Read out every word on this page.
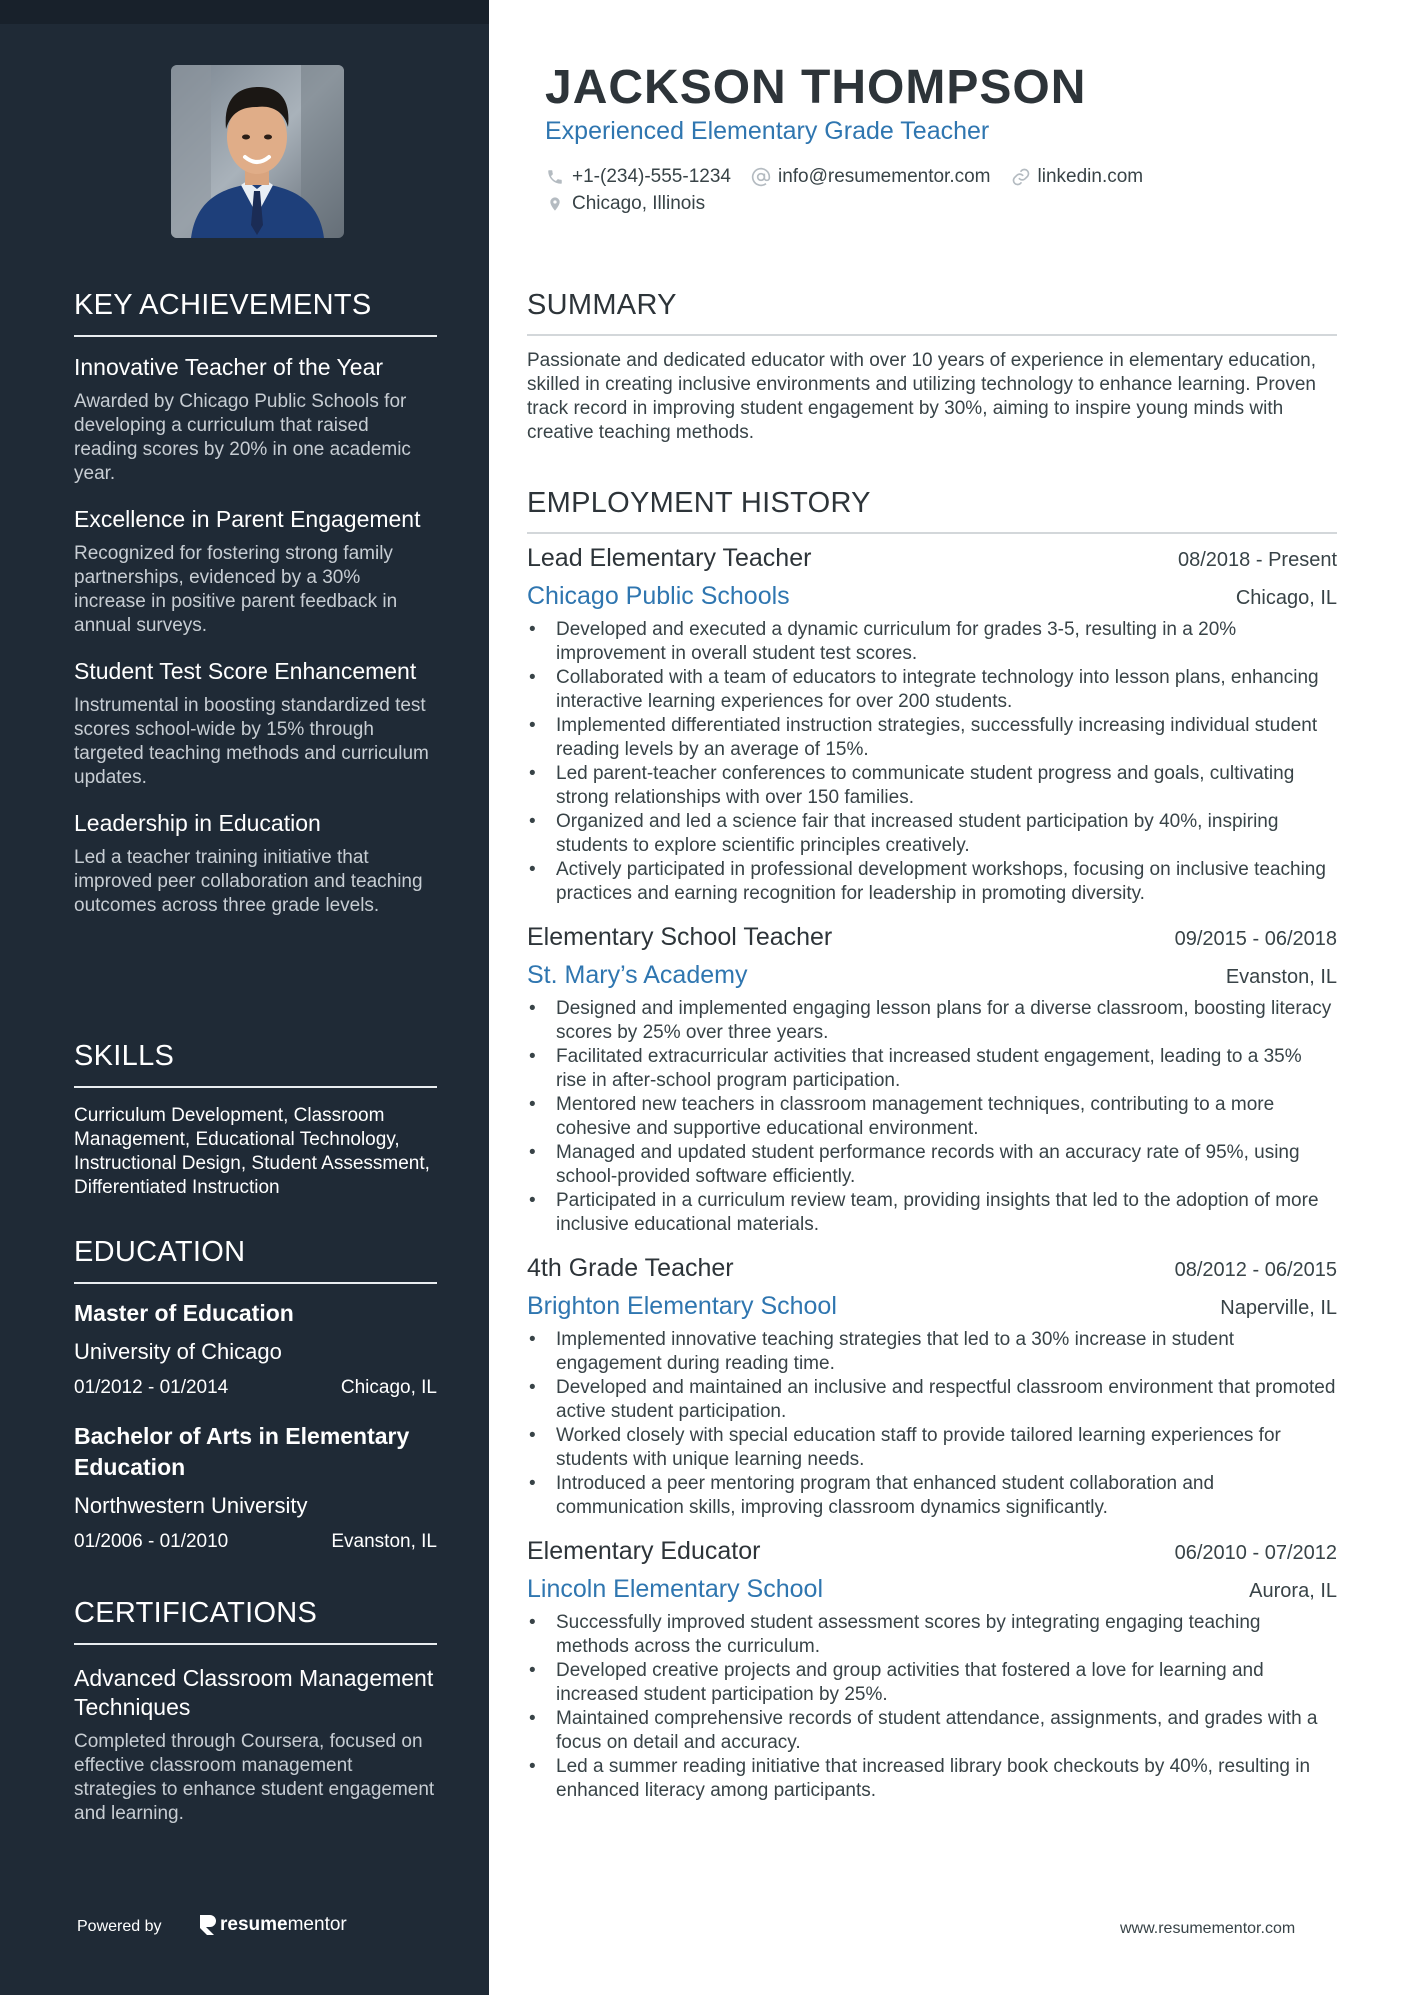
KEY ACHIEVEMENTS
Innovative Teacher of the Year
Awarded by Chicago Public Schools for developing a curriculum that raised reading scores by 20% in one academic year.
Excellence in Parent Engagement
Recognized for fostering strong family partnerships, evidenced by a 30% increase in positive parent feedback in annual surveys.
Student Test Score Enhancement
Instrumental in boosting standardized test scores school-wide by 15% through targeted teaching methods and curriculum updates.
Leadership in Education
Led a teacher training initiative that improved peer collaboration and teaching outcomes across three grade levels.
SKILLS
Curriculum Development, Classroom Management, Educational Technology, Instructional Design, Student Assessment, Differentiated Instruction
EDUCATION
Master of Education
University of Chicago
01/2012 - 01/2014	Chicago, IL
Bachelor of Arts in Elementary Education
Northwestern University
01/2006 - 01/2010	Evanston, IL
CERTIFICATIONS
Advanced Classroom Management Techniques
Completed through Coursera, focused on effective classroom management strategies to enhance student engagement and learning.
Powered by	resume mentor
JACKSON THOMPSON
Experienced Elementary Grade Teacher
+1-(234)-555-1234 info@resumementor.com linkedin.com
Chicago, Illinois
SUMMARY
Passionate and dedicated educator with over 10 years of experience in elementary education, skilled in creating inclusive environments and utilizing technology to enhance learning. Proven track record in improving student engagement by 30%, aiming to inspire young minds with creative teaching methods.
EMPLOYMENT HISTORY
Lead Elementary Teacher	08/2018 - Present
Chicago Public Schools	Chicago, IL
• Developed and executed a dynamic curriculum for grades 3-5, resulting in a 20% improvement in overall student test scores.
• Collaborated with a team of educators to integrate technology into lesson plans, enhancing interactive learning experiences for over 200 students.
• Implemented differentiated instruction strategies, successfully increasing individual student reading levels by an average of 15%.
• Led parent-teacher conferences to communicate student progress and goals, cultivating strong relationships with over 150 families.
• Organized and led a science fair that increased student participation by 40%, inspiring students to explore scientific principles creatively.
• Actively participated in professional development workshops, focusing on inclusive teaching practices and earning recognition for leadership in promoting diversity.
Elementary School Teacher	09/2015 - 06/2018
St. Mary’s Academy	Evanston, IL
• Designed and implemented engaging lesson plans for a diverse classroom, boosting literacy scores by 25% over three years.
• Facilitated extracurricular activities that increased student engagement, leading to a 35% rise in after-school program participation.
• Mentored new teachers in classroom management techniques, contributing to a more cohesive and supportive educational environment.
• Managed and updated student performance records with an accuracy rate of 95%, using school-provided software efficiently.
• Participated in a curriculum review team, providing insights that led to the adoption of more inclusive educational materials.
4th Grade Teacher	08/2012 - 06/2015
Brighton Elementary School	Naperville, IL
• Implemented innovative teaching strategies that led to a 30% increase in student engagement during reading time.
• Developed and maintained an inclusive and respectful classroom environment that promoted active student participation.
• Worked closely with special education staff to provide tailored learning experiences for students with unique learning needs.
• Introduced a peer mentoring program that enhanced student collaboration and communication skills, improving classroom dynamics significantly.
Elementary Educator	06/2010 - 07/2012
Lincoln Elementary School	Aurora, IL
• Successfully improved student assessment scores by integrating engaging teaching methods across the curriculum.
• Developed creative projects and group activities that fostered a love for learning and increased student participation by 25%.
• Maintained comprehensive records of student attendance, assignments, and grades with a focus on detail and accuracy.
• Led a summer reading initiative that increased library book checkouts by 40%, resulting in enhanced literacy among participants.
www.resumementor.com
